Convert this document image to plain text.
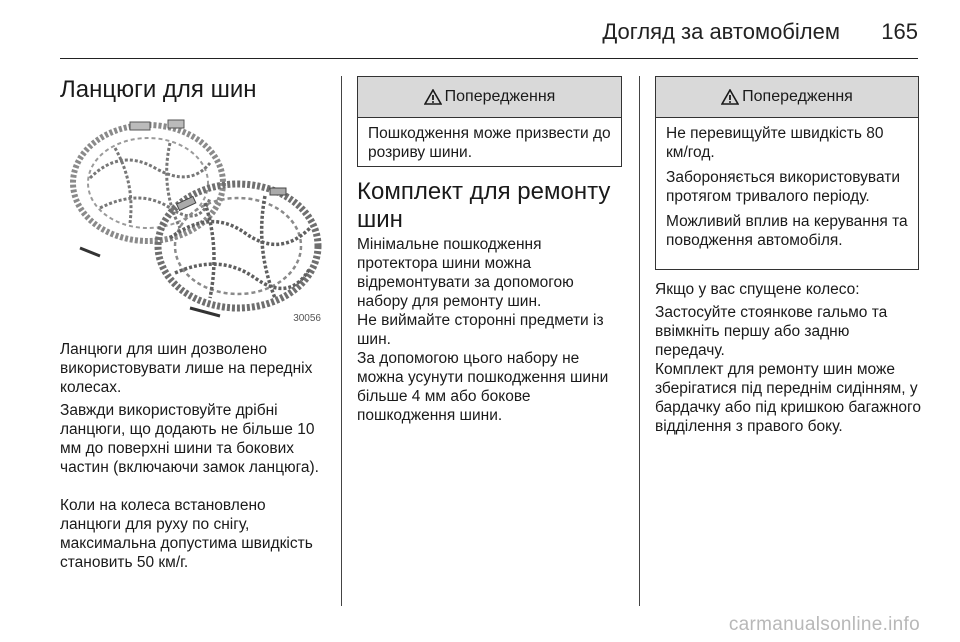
Догляд за автомобілем 165
Ланцюги для шин
30056

Ланцюги для шин дозволено використовувати лише на передніх колесах.

Завжди використовуйте дрібні ланцюги, що додають не більше 10 мм до поверхні шини та бокових частин (включаючи замок ланцюга).

Коли на колеса встановлено ланцюги для руху по снігу, максимальна допустима швидкість становить 50 км/г.

Попередження

Пошкодження може призвести до розриву шини.

Комплект для ремонту шин

Мінімальне пошкодження протектора шини можна відремонтувати за допомогою набору для ремонту шин.

Не виймайте сторонні предмети із шин.

За допомогою цього набору не можна усунути пошкодження шини більше 4 мм або бокове пошкодження шини.

Попередження

Не перевищуйте швидкість 80 км/год.

Забороняється використовувати протягом тривалого періоду.

Можливий вплив на керування та поводження автомобіля.

Якщо у вас спущене колесо:

Застосуйте стоянкове гальмо та ввімкніть першу або задню передачу.

Комплект для ремонту шин може зберігатися під переднім сидінням, у бардачку або під кришкою багажного відділення з правого боку.

carmanualsonline.info
